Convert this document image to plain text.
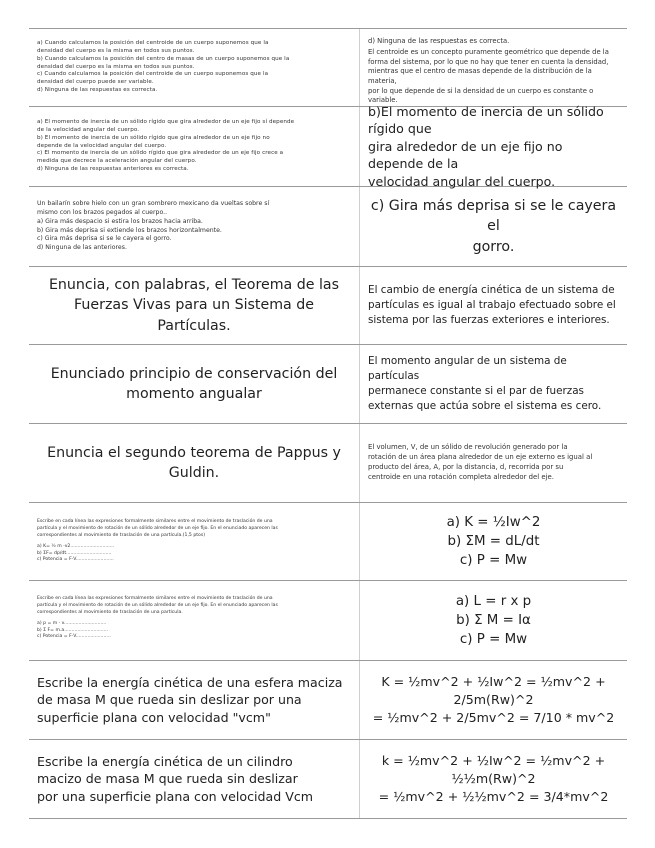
a) Cuando calculamos la posición del centroide de un cuerpo suponemos que la

densidad del cuerpo es la misma en todos sus puntos.

b) Cuando calculamos la posición del centro de masas de un cuerpo suponemos que la

densidad del cuerpo es la misma en todos sus puntos.

c) Cuando calculamos la posición del centroide de un cuerpo suponemos que la

densidad del cuerpo puede ser variable.

d) Ninguna de las respuestas es correcta.

d) Ninguna de las respuestas es correcta.

El centroide es un concepto puramente geométrico que depende de la

forma del sistema, por lo que no hay que tener en cuenta la densidad,

mientras que el centro de masas depende de la distribución de la materia,

por lo que depende de si la densidad de un cuerpo es constante o variable.

a) El momento de inercia de un sólido rígido que gira alrededor de un eje fijo sí depende

de la velocidad angular del cuerpo.

b) El momento de inercia de un sólido rígido que gira alrededor de un eje fijo no

depende de la velocidad angular del cuerpo.

c) El momento de inercia de un sólido rígido que gira alrededor de un eje fijo crece a

medida que decrece la aceleración angular del cuerpo.

d) Ninguna de las respuestas anteriores es correcta.

b)El momento de inercia de un sólido rígido que

gira alrededor de un eje fijo no depende de la

velocidad angular del cuerpo.

Un bailarín sobre hielo con un gran sombrero mexicano da vueltas sobre sí

mismo con los brazos pegados al cuerpo..

a) Gira más despacio si estira los brazos hacia arriba.

b) Gira más deprisa si extiende los brazos horizontalmente.

c) Gira más deprisa si se le cayera el gorro.

d) Ninguna de las anteriores.

c) Gira más deprisa si se le cayera el

gorro.

Enuncia, con palabras, el Teorema de las

Fuerzas Vivas para un Sistema de

Partículas.

El cambio de energía cinética de un sistema de

partículas es igual al trabajo efectuado sobre el

sistema por las fuerzas exteriores e interiores.

Enunciado principio de conservación del

momento angualar

El momento angular de un sistema de partículas

permanece constante si el par de fuerzas

externas que actúa sobre el sistema es cero.

Enuncia el segundo teorema de Pappus y

Guldin.

El volumen, V, de un sólido de revolución generado por la

rotación de un área plana alrededor de un eje externo es igual al

producto del área, A, por la distancia, d, recorrida por su

centroide en una rotación completa alrededor del eje.

Escribe en cada línea las expresiones formalmente similares entre el movimiento de traslación de una

partícula y el movimiento de rotación de un sólido alrededor de un eje fijo. En el enunciado aparecen las

correspondientes al movimiento de traslación de una partícula.(1,5 ptos)

a) K= ½ m ·v2..............................

b) ΣF= dp/dt...............................

c) Potencia = F·V..........................

a) K = ½Iw^2

b) ΣM = dL/dt

c) P = Mw

Escribe en cada línea las expresiones formalmente similares entre el movimiento de traslación de una

partícula y el movimiento de rotación de un sólido alrededor de un eje fijo. En el enunciado aparecen las

correspondientes al movimiento de traslación de una partícula.

a) p = m · v.............................

b) Σ F= m.a..............................

c) Potencia = F·V........................

a) L = r x p

b) Σ M = Iα

c) P = Mw

Escribe la energía cinética de una esfera maciza

de masa M que rueda sin deslizar por una

superficie plana con velocidad "vcm"

K = ½mv^2 + ½Iw^2 = ½mv^2 + 2/5m(Rw)^2

= ½mv^2 + 2/5mv^2 = 7/10 * mv^2

Escribe la energía cinética de un cilindro

macizo de masa M que rueda sin deslizar

por una superficie plana con velocidad Vcm

k = ½mv^2 + ½Iw^2 = ½mv^2 + ½½m(Rw)^2

= ½mv^2 + ½½mv^2 = 3/4*mv^2
